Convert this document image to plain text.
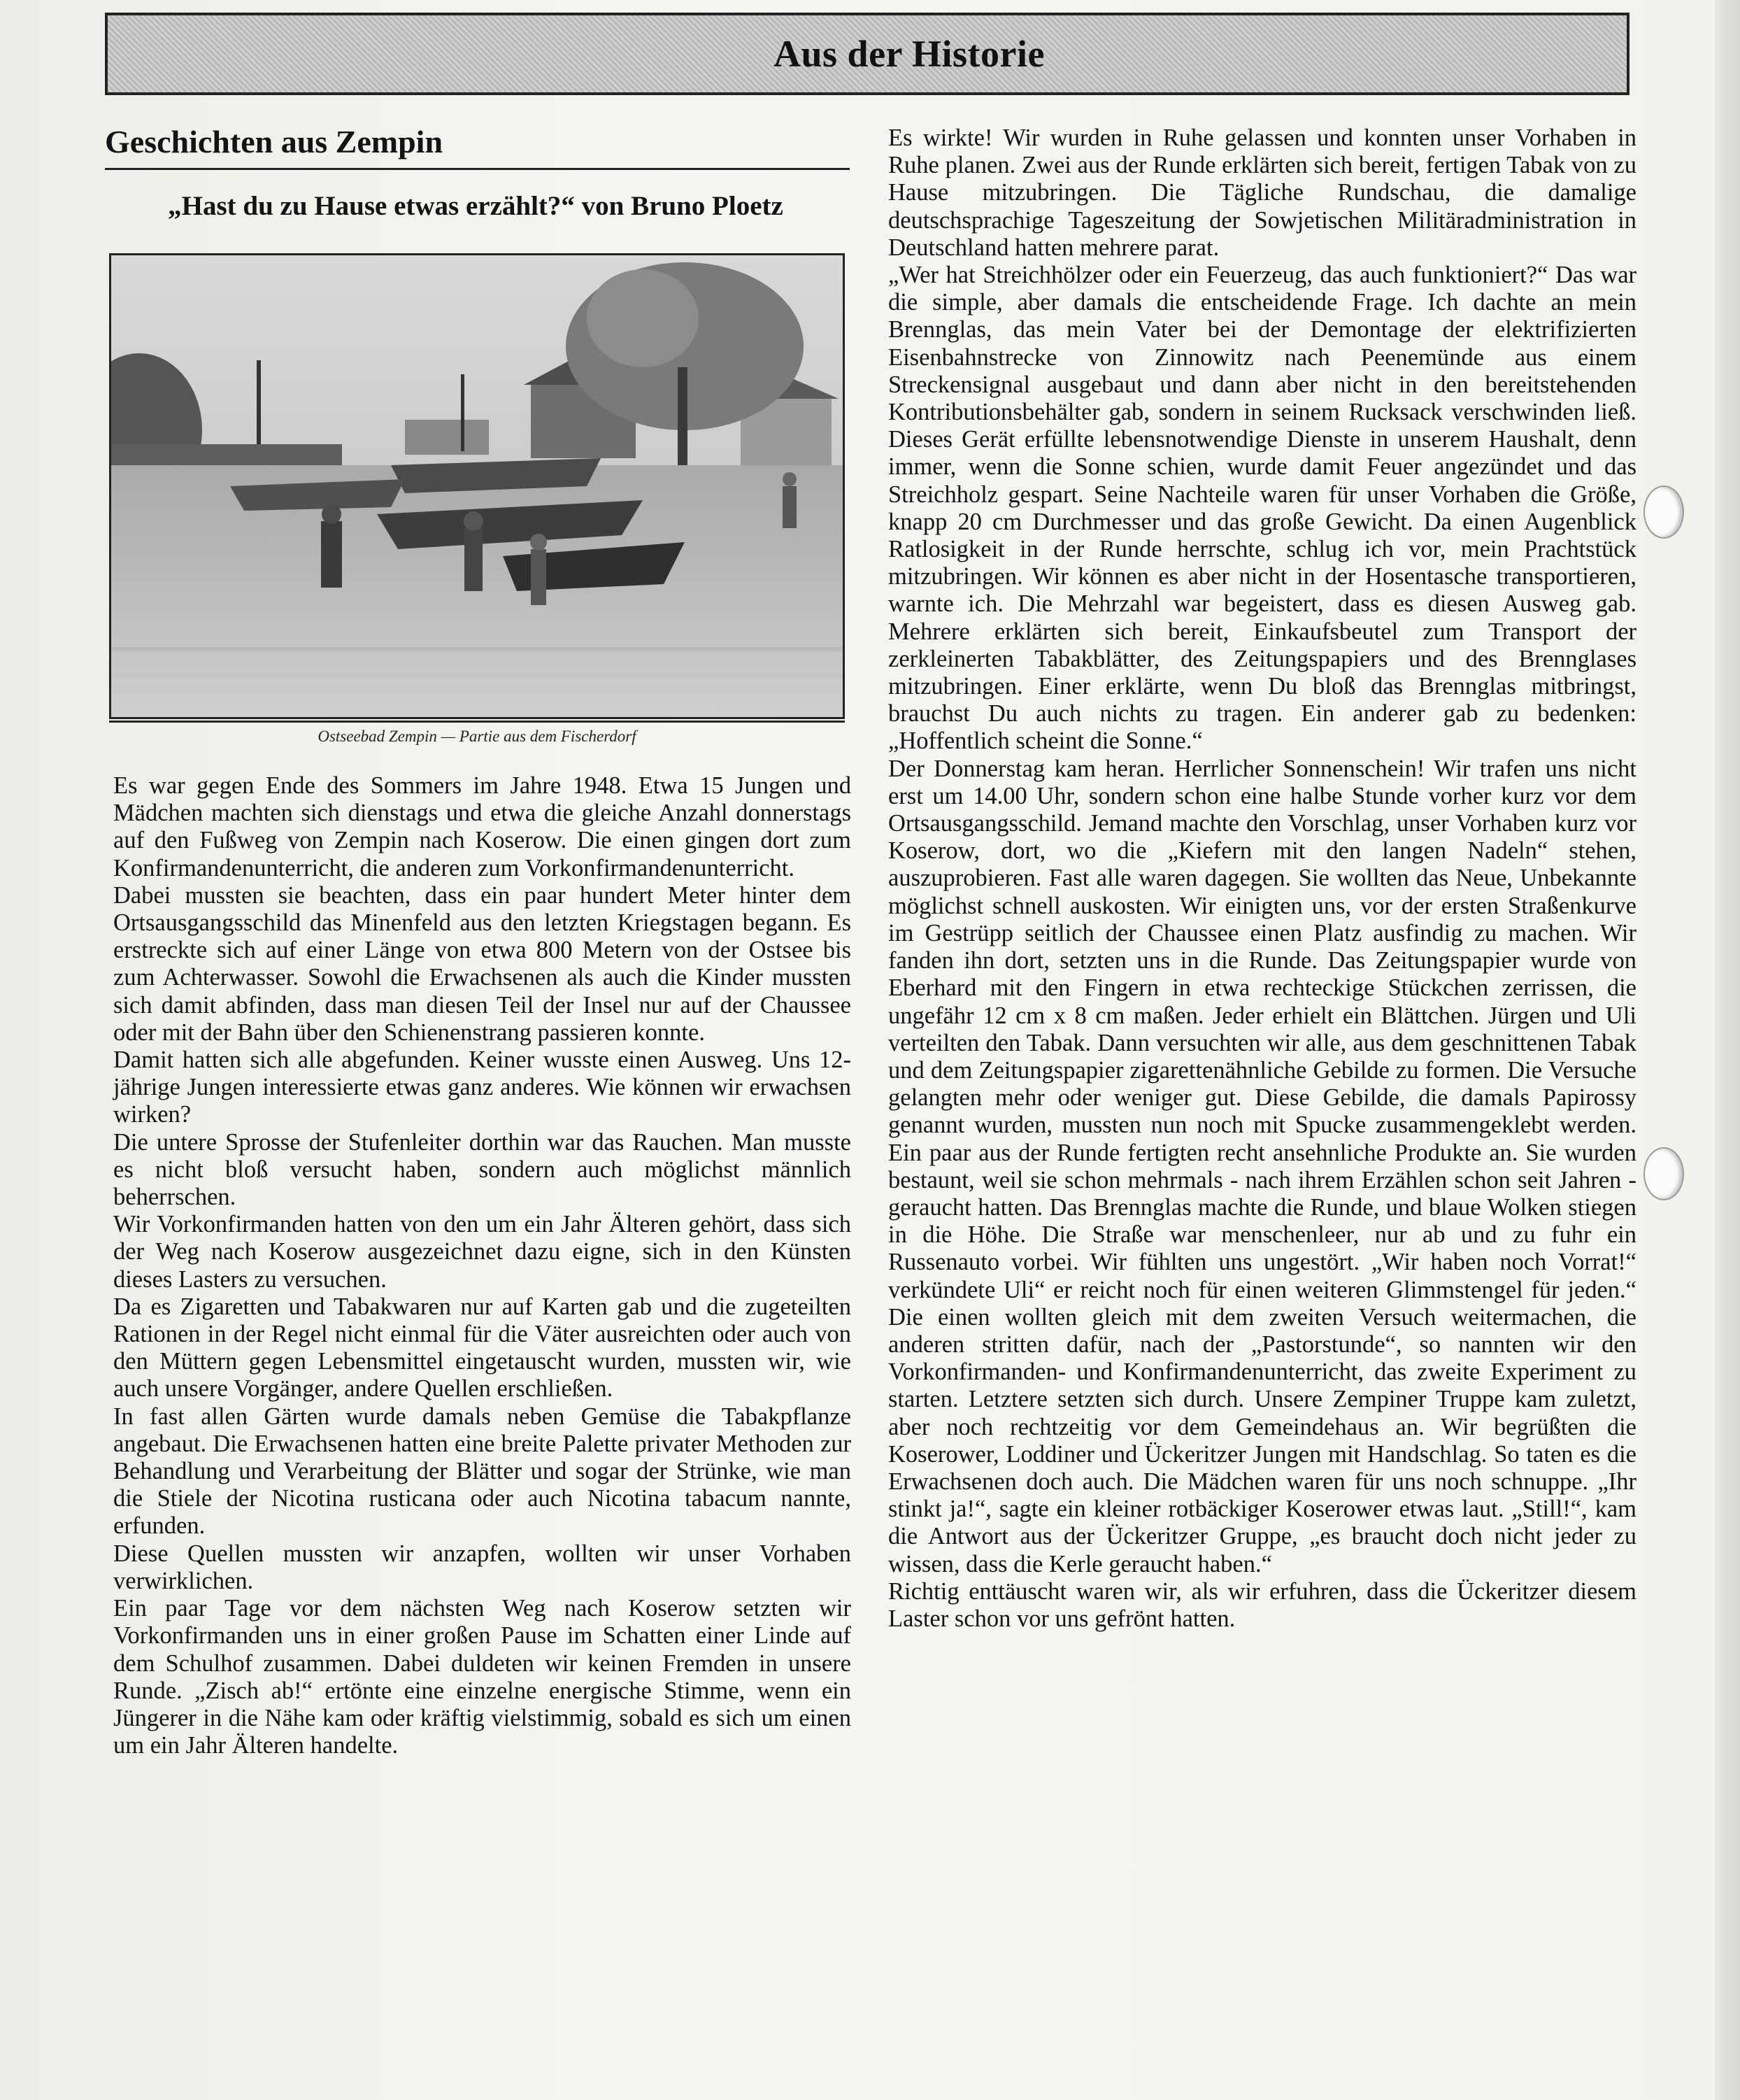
Aus der Historie
Geschichten aus Zempin
„Hast du zu Hause etwas erzählt?“ von Bruno Ploetz
Ostseebad Zempin — Partie aus dem Fischerdorf

Es war gegen Ende des Sommers im Jahre 1948. Etwa 15 Jungen und Mädchen machten sich dienstags und etwa die gleiche Anzahl donnerstags auf den Fußweg von Zempin nach Koserow. Die einen gingen dort zum Konfirmandenunterricht, die anderen zum Vorkonfirmandenunterricht.

Dabei mussten sie beachten, dass ein paar hundert Meter hinter dem Ortsausgangsschild das Minenfeld aus den letzten Kriegstagen begann. Es erstreckte sich auf einer Länge von etwa 800 Metern von der Ostsee bis zum Achterwasser. Sowohl die Erwachsenen als auch die Kinder mussten sich damit abfinden, dass man diesen Teil der Insel nur auf der Chaussee oder mit der Bahn über den Schienenstrang passieren konnte.

Damit hatten sich alle abgefunden. Keiner wusste einen Ausweg. Uns 12-jährige Jungen interessierte etwas ganz anderes. Wie können wir erwachsen wirken?

Die untere Sprosse der Stufenleiter dorthin war das Rauchen. Man musste es nicht bloß versucht haben, sondern auch möglichst männlich beherrschen.

Wir Vorkonfirmanden hatten von den um ein Jahr Älteren gehört, dass sich der Weg nach Koserow ausgezeichnet dazu eigne, sich in den Künsten dieses Lasters zu versuchen.

Da es Zigaretten und Tabakwaren nur auf Karten gab und die zugeteilten Rationen in der Regel nicht einmal für die Väter ausreichten oder auch von den Müttern gegen Lebensmittel eingetauscht wurden, mussten wir, wie auch unsere Vorgänger, andere Quellen erschließen.

In fast allen Gärten wurde damals neben Gemüse die Tabakpflanze angebaut. Die Erwachsenen hatten eine breite Palette privater Methoden zur Behandlung und Verarbeitung der Blätter und sogar der Strünke, wie man die Stiele der Nicotina rusticana oder auch Nicotina tabacum nannte, erfunden.

Diese Quellen mussten wir anzapfen, wollten wir unser Vorhaben verwirklichen.

Ein paar Tage vor dem nächsten Weg nach Koserow setzten wir Vorkonfirmanden uns in einer großen Pause im Schatten einer Linde auf dem Schulhof zusammen. Dabei duldeten wir keinen Fremden in unsere Runde. „Zisch ab!“ ertönte eine einzelne energische Stimme, wenn ein Jüngerer in die Nähe kam oder kräftig vielstimmig, sobald es sich um einen um ein Jahr Älteren handelte.

Es wirkte! Wir wurden in Ruhe gelassen und konnten unser Vorhaben in Ruhe planen. Zwei aus der Runde erklärten sich bereit, fertigen Tabak von zu Hause mitzubringen. Die Tägliche Rundschau, die damalige deutschsprachige Tageszeitung der Sowjetischen Militäradministration in Deutschland hatten mehrere parat.

„Wer hat Streichhölzer oder ein Feuerzeug, das auch funktioniert?“ Das war die simple, aber damals die entscheidende Frage. Ich dachte an mein Brennglas, das mein Vater bei der Demontage der elektrifizierten Eisenbahnstrecke von Zinnowitz nach Peenemünde aus einem Streckensignal ausgebaut und dann aber nicht in den bereitstehenden Kontributionsbehälter gab, sondern in seinem Rucksack verschwinden ließ. Dieses Gerät erfüllte lebensnotwendige Dienste in unserem Haushalt, denn immer, wenn die Sonne schien, wurde damit Feuer angezündet und das Streichholz gespart. Seine Nachteile waren für unser Vorhaben die Größe, knapp 20 cm Durchmesser und das große Gewicht. Da einen Augenblick Ratlosigkeit in der Runde herrschte, schlug ich vor, mein Prachtstück mitzubringen. Wir können es aber nicht in der Hosentasche transportieren, warnte ich. Die Mehrzahl war begeistert, dass es diesen Ausweg gab. Mehrere erklärten sich bereit, Einkaufsbeutel zum Transport der zerkleinerten Tabakblätter, des Zeitungspapiers und des Brennglases mitzubringen. Einer erklärte, wenn Du bloß das Brennglas mitbringst, brauchst Du auch nichts zu tragen. Ein anderer gab zu bedenken: „Hoffentlich scheint die Sonne.“

Der Donnerstag kam heran. Herrlicher Sonnenschein! Wir trafen uns nicht erst um 14.00 Uhr, sondern schon eine halbe Stunde vorher kurz vor dem Ortsausgangsschild. Jemand machte den Vorschlag, unser Vorhaben kurz vor Koserow, dort, wo die „Kiefern mit den langen Nadeln“ stehen, auszuprobieren. Fast alle waren dagegen. Sie wollten das Neue, Unbekannte möglichst schnell auskosten. Wir einigten uns, vor der ersten Straßenkurve im Gestrüpp seitlich der Chaussee einen Platz ausfindig zu machen. Wir fanden ihn dort, setzten uns in die Runde. Das Zeitungspapier wurde von Eberhard mit den Fingern in etwa rechteckige Stückchen zerrissen, die ungefähr 12 cm x 8 cm maßen. Jeder erhielt ein Blättchen. Jürgen und Uli verteilten den Tabak. Dann versuchten wir alle, aus dem geschnittenen Tabak und dem Zeitungspapier zigarettenähnliche Gebilde zu formen. Die Versuche gelangten mehr oder weniger gut. Diese Gebilde, die damals Papirossy genannt wurden, mussten nun noch mit Spucke zusammengeklebt werden. Ein paar aus der Runde fertigten recht ansehnliche Produkte an. Sie wurden bestaunt, weil sie schon mehrmals - nach ihrem Erzählen schon seit Jahren - geraucht hatten. Das Brennglas machte die Runde, und blaue Wolken stiegen in die Höhe. Die Straße war menschenleer, nur ab und zu fuhr ein Russenauto vorbei. Wir fühlten uns ungestört. „Wir haben noch Vorrat!“ verkündete Uli“ er reicht noch für einen weiteren Glimmstengel für jeden.“ Die einen wollten gleich mit dem zweiten Versuch weitermachen, die anderen stritten dafür, nach der „Pastorstunde“, so nannten wir den Vorkonfirmanden- und Konfirmandenunterricht, das zweite Experiment zu starten. Letztere setzten sich durch. Unsere Zempiner Truppe kam zuletzt, aber noch rechtzeitig vor dem Gemeindehaus an. Wir begrüßten die Koserower, Loddiner und Ückeritzer Jungen mit Handschlag. So taten es die Erwachsenen doch auch. Die Mädchen waren für uns noch schnuppe. „Ihr stinkt ja!“, sagte ein kleiner rotbäckiger Koserower etwas laut. „Still!“, kam die Antwort aus der Ückeritzer Gruppe, „es braucht doch nicht jeder zu wissen, dass die Kerle geraucht haben.“

Richtig enttäuscht waren wir, als wir erfuhren, dass die Ückeritzer diesem Laster schon vor uns gefrönt hatten.
